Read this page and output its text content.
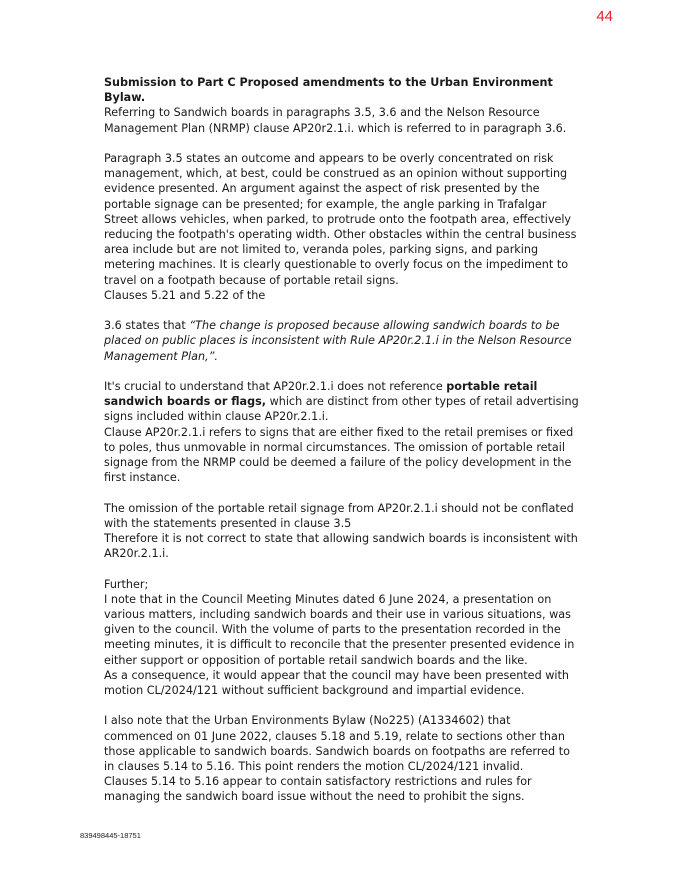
44

Submission to Part C Proposed amendments to the Urban Environment Bylaw.

Referring to Sandwich boards in paragraphs 3.5, 3.6 and the Nelson Resource Management Plan (NRMP) clause AP20r2.1.i. which is referred to in paragraph 3.6.

Paragraph 3.5 states an outcome and appears to be overly concentrated on risk management, which, at best, could be construed as an opinion without supporting evidence presented. An argument against the aspect of risk presented by the portable signage can be presented; for example, the angle parking in Trafalgar Street allows vehicles, when parked, to protrude onto the footpath area, effectively reducing the footpath's operating width. Other obstacles within the central business area include but are not limited to, veranda poles, parking signs, and parking metering machines. It is clearly questionable to overly focus on the impediment to travel on a footpath because of portable retail signs.

Clauses 5.21 and 5.22 of the

3.6 states that “The change is proposed because allowing sandwich boards to be placed on public places is inconsistent with Rule AP20r.2.1.i in the Nelson Resource Management Plan,”.

It's crucial to understand that AP20r.2.1.i does not reference portable retail sandwich boards or flags, which are distinct from other types of retail advertising signs included within clause AP20r.2.1.i.

Clause AP20r.2.1.i refers to signs that are either fixed to the retail premises or fixed to poles, thus unmovable in normal circumstances. The omission of portable retail signage from the NRMP could be deemed a failure of the policy development in the first instance.

The omission of the portable retail signage from AP20r.2.1.i should not be conflated with the statements presented in clause 3.5

Therefore it is not correct to state that allowing sandwich boards is inconsistent with AR20r.2.1.i.

Further;

I note that in the Council Meeting Minutes dated 6 June 2024, a presentation on various matters, including sandwich boards and their use in various situations, was given to the council. With the volume of parts to the presentation recorded in the meeting minutes, it is difficult to reconcile that the presenter presented evidence in either support or opposition of portable retail sandwich boards and the like.

As a consequence, it would appear that the council may have been presented with motion CL/2024/121 without sufficient background and impartial evidence.

I also note that the Urban Environments Bylaw (No225) (A1334602) that commenced on 01 June 2022, clauses 5.18 and 5.19, relate to sections other than those applicable to sandwich boards. Sandwich boards on footpaths are referred to in clauses 5.14 to 5.16. This point renders the motion CL/2024/121 invalid.

Clauses 5.14 to 5.16 appear to contain satisfactory restrictions and rules for managing the sandwich board issue without the need to prohibit the signs.

839498445-18751
